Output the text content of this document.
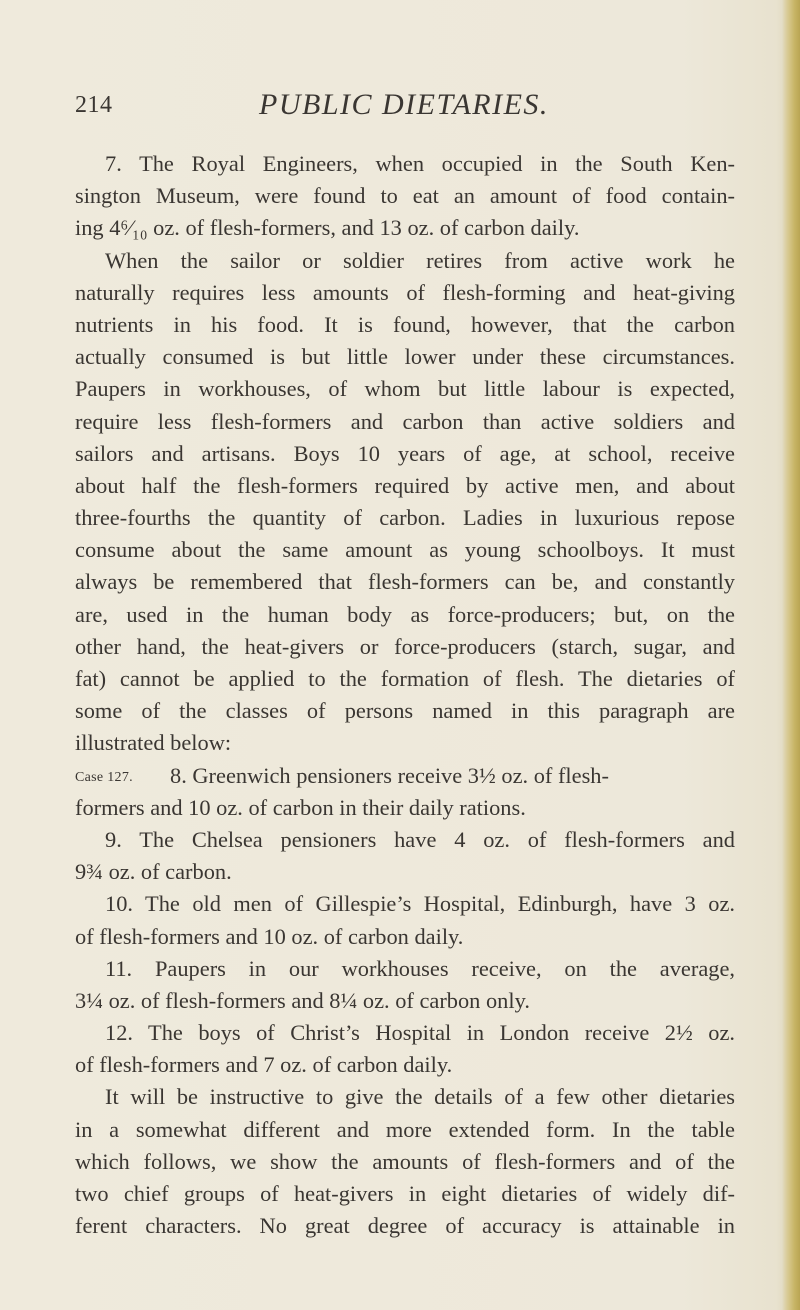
214	PUBLIC DIETARIES.
7. The Royal Engineers, when occupied in the South Ken-
sington Museum, were found to eat an amount of food contain-
ing 4⁶⁄₁₀ oz. of flesh-formers, and 13 oz. of carbon daily.
When the sailor or soldier retires from active work he
naturally requires less amounts of flesh-forming and heat-giving
nutrients in his food. It is found, however, that the carbon
actually consumed is but little lower under these circumstances.
Paupers in workhouses, of whom but little labour is expected,
require less flesh-formers and carbon than active soldiers and
sailors and artisans. Boys 10 years of age, at school, receive
about half the flesh-formers required by active men, and about
three-fourths the quantity of carbon. Ladies in luxurious repose
consume about the same amount as young schoolboys. It must
always be remembered that flesh-formers can be, and constantly
are, used in the human body as force-producers; but, on the
other hand, the heat-givers or force-producers (starch, sugar, and
fat) cannot be applied to the formation of flesh. The dietaries of
some of the classes of persons named in this paragraph are
illustrated below:
Case 127. 8. Greenwich pensioners receive 3½ oz. of flesh-
formers and 10 oz. of carbon in their daily rations.
9. The Chelsea pensioners have 4 oz. of flesh-formers and
9¾ oz. of carbon.
10. The old men of Gillespie’s Hospital, Edinburgh, have 3 oz.
of flesh-formers and 10 oz. of carbon daily.
11. Paupers in our workhouses receive, on the average,
3¼ oz. of flesh-formers and 8¼ oz. of carbon only.
12. The boys of Christ’s Hospital in London receive 2½ oz.
of flesh-formers and 7 oz. of carbon daily.
It will be instructive to give the details of a few other dietaries
in a somewhat different and more extended form. In the table
which follows, we show the amounts of flesh-formers and of the
two chief groups of heat-givers in eight dietaries of widely dif-
ferent characters. No great degree of accuracy is attainable in
